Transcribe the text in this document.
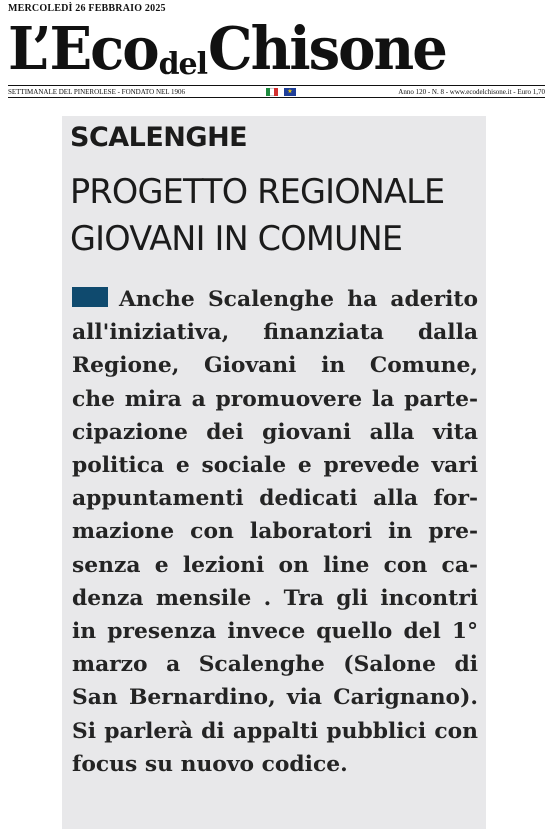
MERCOLEDÌ 26 FEBBRAIO 2025
L’EcodelChisone
SETTIMANALE DEL PINEROLESE - FONDATO NEL 1906	★	Anno 120 - N. 8 - www.ecodelchisone.it - Euro 1,70
SCALENGHE
PROGETTO REGIONALE
GIOVANI IN COMUNE
Anche Scalenghe ha aderito
all'iniziativa, finanziata dalla
Regione, Giovani in Comune,
che mira a promuovere la parte-
cipazione dei giovani alla vita
politica e sociale e prevede vari
appuntamenti dedicati alla for-
mazione con laboratori in pre-
senza e lezioni on line con ca-
denza mensile . Tra gli incontri
in presenza invece quello del 1°
marzo a Scalenghe (Salone di
San Bernardino, via Carignano).
Si parlerà di appalti pubblici con
focus su nuovo codice.
